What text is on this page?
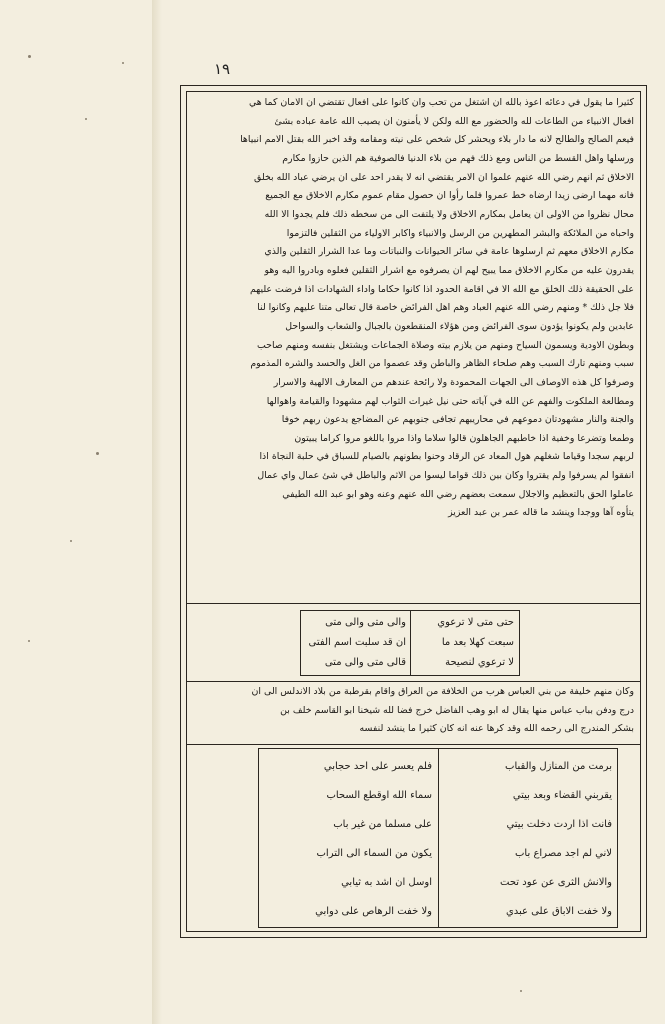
١٩
كثيرا ما يقول في دعائه اعوذ بالله ان اشتغل من تحب وان كانوا على افعال تقتضي ان الامان كما هي
افعال الانبياء من الطاعات لله والحضور مع الله ولكن لا يأمنون ان يصيب الله عامة عباده بشئ
فيعم الصالح والطالح لانه ما دار بلاء ويحشر كل شخص على نيته ومقامه وقد اخبر الله بقتل الامم انبياها
ورسلها واهل القسط من الناس ومع ذلك فهم من بلاء الدنيا فالصوفية هم الذين حازوا مكارم
الاخلاق ثم انهم رضي الله عنهم علموا ان الامر يقتضي انه لا يقدر احد على ان يرضي عباد الله بخلق
فانه مهما ارضى زيدا ارضاه خط عمروا فلما رأوا ان حصول مقام عموم مكارم الاخلاق مع الجميع
محال نظروا من الاولى ان يعامل بمكارم الاخلاق ولا يلتفت الى من سخطه ذلك فلم يجدوا الا الله
واحباه من الملائكة والبشر المطهرين من الرسل والانبياء واكابر الاولياء من الثقلين فالتزموا
مكارم الاخلاق معهم ثم ارسلوها عامة في سائر الحيوانات والنباتات وما عدا الشرار الثقلين والذي
يقدرون عليه من مكارم الاخلاق مما يبيح لهم ان يصرفوه مع اشرار الثقلين فعلوه وبادروا اليه وهو
على الحقيقة ذلك الخلق مع الله الا في اقامة الحدود اذا كانوا حكاما واداء الشهادات اذا فرضت عليهم
فلا جل ذلك * ومنهم رضي الله عنهم العباد وهم اهل الفرائض خاصة قال تعالى متنا عليهم وكانوا لنا
عابدين ولم يكونوا يؤدون سوى الفرائض ومن هؤلاء المنقطعون بالجبال والشعاب والسواحل
وبطون الاودية ويسمون السياح ومنهم من يلازم بيته وصلاة الجماعات ويشتغل بنفسه ومنهم صاحب
سبب ومنهم تارك السبب وهم صلحاء الظاهر والباطن وقد عصموا من الغل والحسد والشره المذموم
وصرفوا كل هذه الاوصاف الى الجهات المحمودة ولا رائحة عندهم من المعارف الالهية والاسرار
ومطالعة الملكوت والفهم عن الله في آياته حتى نيل غيرات الثواب لهم مشهودا والقيامة واهوالها
والجنة والنار مشهودتان دموعهم في محاريبهم تجافى جنوبهم عن المضاجع يدعون ربهم خوفا
وطمعا وتضرعا وخفية اذا خاطبهم الجاهلون قالوا سلاما واذا مروا باللغو مروا كراما يبيتون
لربهم سجدا وقياما شغلهم هول المعاد عن الرقاد وحنوا بطونهم بالصيام للسباق في حلبة النجاة اذا
انفقوا لم يسرفوا ولم يقتروا وكان بين ذلك قواما ليسوا من الاثم والباطل في شئ عمال واي عمال
عاملوا الحق بالتعظيم والاجلال سمعت بعضهم رضي الله عنهم وعنه وهو ابو عبد الله الطيفي
يتأوه آها ووجدا وينشد ما قاله عمر بن عبد العزيز
حتى متى لا ترعوي
سبعت كهلا بعد ما
لا ترعوي لنصيحة
والى متى والى متى
ان قد سلبت اسم الفتى
قالى متى والى متى
وكان منهم خليفة من بني العباس هرب من الخلافة من العراق واقام بقرطبة من بلاد الاندلس الى ان
درج ودفن بباب عباس منها يقال له ابو وهب الفاضل خرج فضا لله شيخنا ابو القاسم خلف بن
بشكر المندرج الى رحمه الله وقد كرها عنه انه كان كثيرا ما ينشد لنفسه
برمت من المنازل والقباب
يقربني القضاء وبعد بيتي
فانت اذا اردت دخلت بيتي
لاني لم اجد مصراع باب
والانش الثرى عن عود تحت
ولا خفت الاباق على عبدي
فلم يعسر على احد حجابي
سماء الله اوقطع السحاب
على مسلما من غير باب
يكون من السماء الى التراب
اوسل ان اشد به ثيابي
ولا خفت الرهاص على دوابي
